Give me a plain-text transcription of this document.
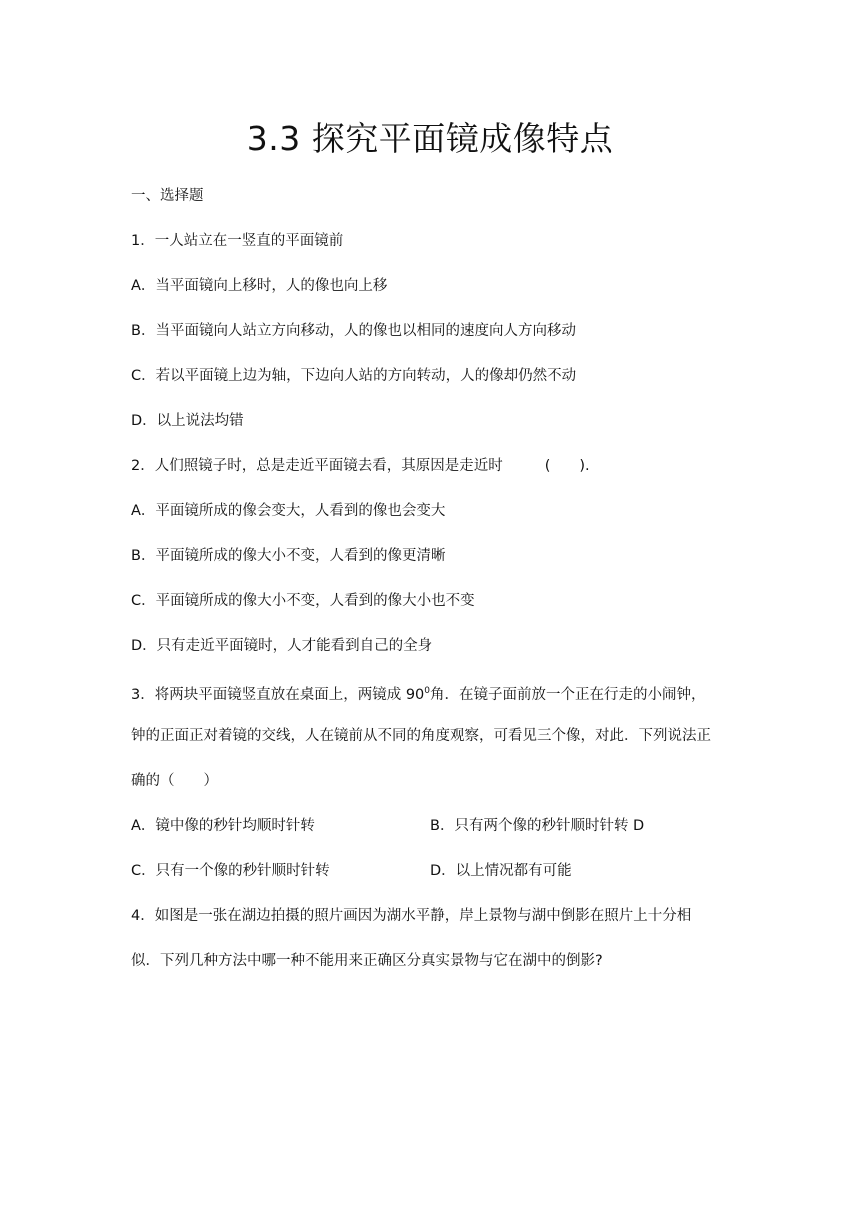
3.3 探究平面镜成像特点
一、选择题
1．一人站立在一竖直的平面镜前
A．当平面镜向上移时，人的像也向上移
B．当平面镜向人站立方向移动，人的像也以相同的速度向人方向移动
C．若以平面镜上边为轴，下边向人站的方向转动，人的像却仍然不动
D．以上说法均错
2．人们照镜子时，总是走近平面镜去看，其原因是走近时	(　　).
A．平面镜所成的像会变大，人看到的像也会变大
B．平面镜所成的像大小不变，人看到的像更清晰
C．平面镜所成的像大小不变，人看到的像大小也不变
D．只有走近平面镜时，人才能看到自己的全身
3．将两块平面镜竖直放在桌面上，两镜成 $90^0$角．在镜子面前放一个正在行走的小闹钟，
钟的正面正对着镜的交线，人在镜前从不同的角度观察，可看见三个像，对此．下列说法正
确的（　　）
A．镜中像的秒针均顺时针转	B．只有两个像的秒针顺时针转 D
C．只有一个像的秒针顺时针转	D．以上情况都有可能
4．如图是一张在湖边拍摄的照片画因为湖水平静，岸上景物与湖中倒影在照片上十分相
似．下列几种方法中哪一种不能用来正确区分真实景物与它在湖中的倒影?
